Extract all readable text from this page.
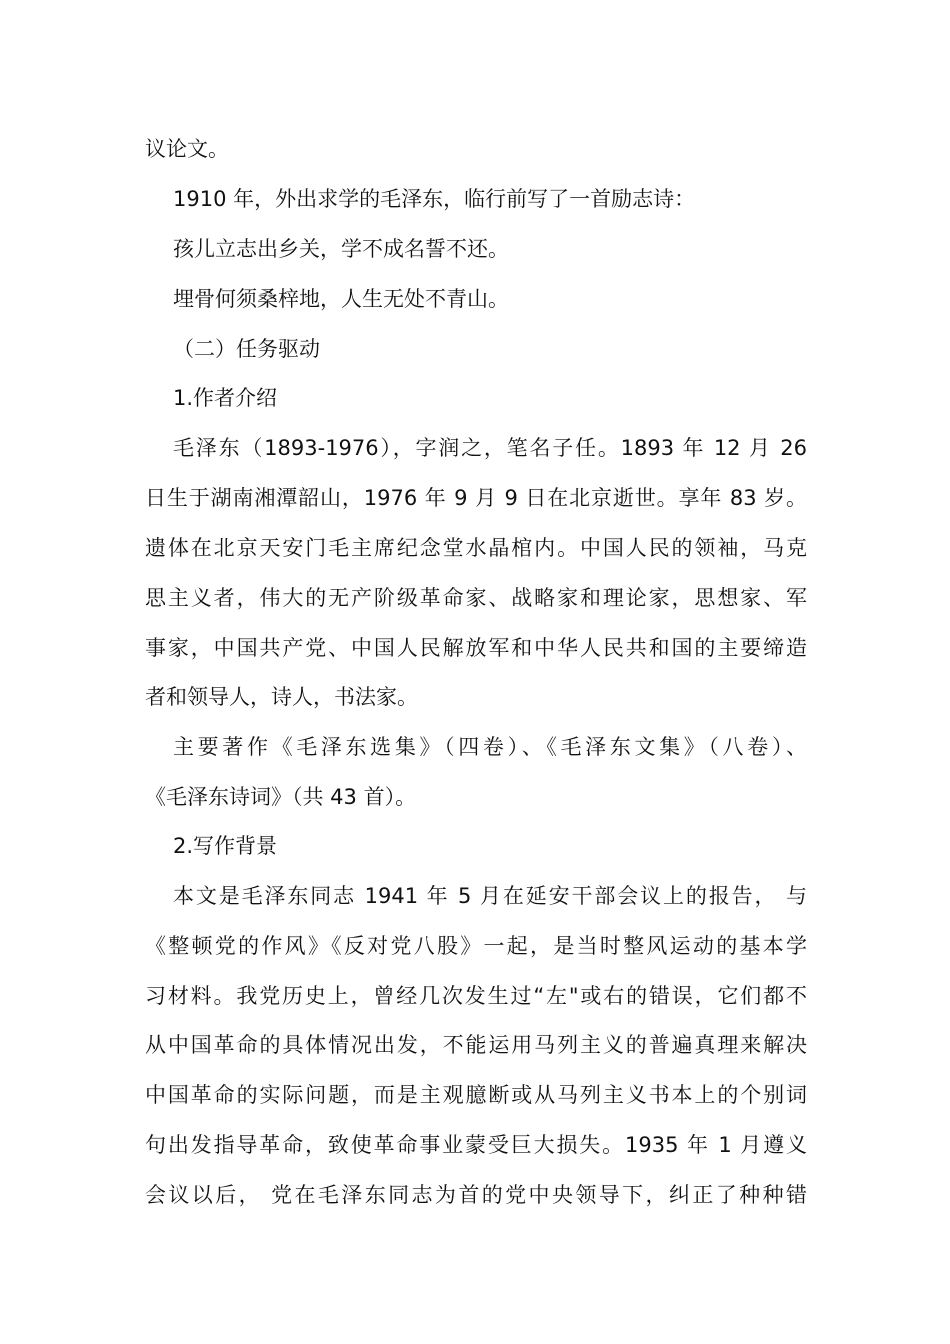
议论文。

1910 年，外出求学的毛泽东，临行前写了一首励志诗：

孩儿立志出乡关，学不成名誓不还。

埋骨何须桑梓地，人生无处不青山。

（二）任务驱动

1.作者介绍

毛泽东（1893-1976），字润之，笔名子任。1893 年 12 月 26

日生于湖南湘潭韶山，1976 年 9 月 9 日在北京逝世。享年 83 岁。

遗体在北京天安门毛主席纪念堂水晶棺内。中国人民的领袖，马克

思主义者，伟大的无产阶级革命家、战略家和理论家，思想家、军

事家，中国共产党、中国人民解放军和中华人民共和国的主要缔造

者和领导人，诗人，书法家。

主要著作《毛泽东选集》（四卷）、《毛泽东文集》（八卷）、

《毛泽东诗词》（共 43 首）。

2.写作背景

本文是毛泽东同志 1941 年 5 月在延安干部会议上的报告， 与

《整顿党的作风》《反对党八股》一起，是当时整风运动的基本学

习材料。我党历史上，曾经几次发生过“左"或右的错误，它们都不

从中国革命的具体情况出发，不能运用马列主义的普遍真理来解决

中国革命的实际问题，而是主观臆断或从马列主义书本上的个别词

句出发指导革命，致使革命事业蒙受巨大损失。1935 年 1 月遵义

会议以后， 党在毛泽东同志为首的党中央领导下，纠正了种种错
